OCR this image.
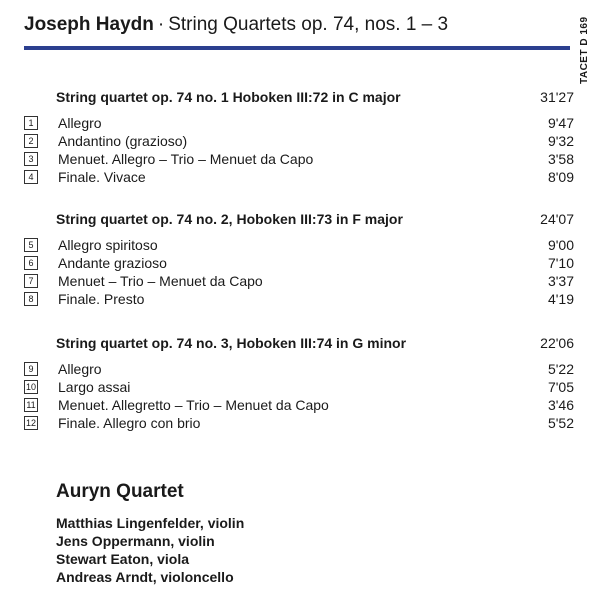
Joseph Haydn · String Quartets op. 74, nos. 1 – 3	TACET D 169
String quartet op. 74 no. 1 Hoboken III:72 in C major	31'27
1	Allegro	9'47
2	Andantino (grazioso)	9'32
3	Menuet. Allegro – Trio – Menuet da Capo	3'58
4	Finale. Vivace	8'09
String quartet op. 74 no. 2, Hoboken III:73 in F major	24'07
5	Allegro spiritoso	9'00
6	Andante grazioso	7'10
7	Menuet – Trio – Menuet da Capo	3'37
8	Finale. Presto	4'19
String quartet op. 74 no. 3, Hoboken III:74 in G minor	22'06
9	Allegro	5'22
10 Largo assai	7'05
11 Menuet. Allegretto – Trio – Menuet da Capo	3'46
12 Finale. Allegro con brio	5'52
Auryn Quartet
Matthias Lingenfelder, violin
Jens Oppermann, violin
Stewart Eaton, viola
Andreas Arndt, violoncello
